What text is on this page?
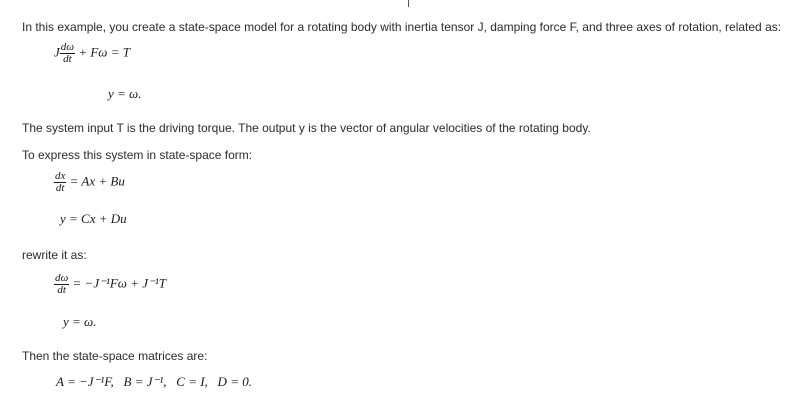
In this example, you create a state-space model for a rotating body with inertia tensor J, damping force F, and three axes of rotation, related as:
J $\frac{d\omega}{dt} + F\omega = T$
y = ω.
The system input T is the driving torque. The output y is the vector of angular velocities of the rotating body.
To express this system in state-space form:
$\frac{dx}{dt} = Ax + Bu$
y = Cx + Du
rewrite it as:
$\frac{d\omega}{dt} = -J^{-1}F\omega + J^{-1}T$
y = ω.
Then the state-space matrices are:
A = −J⁻¹F,   B = J⁻¹,   C = I,   D = 0.
